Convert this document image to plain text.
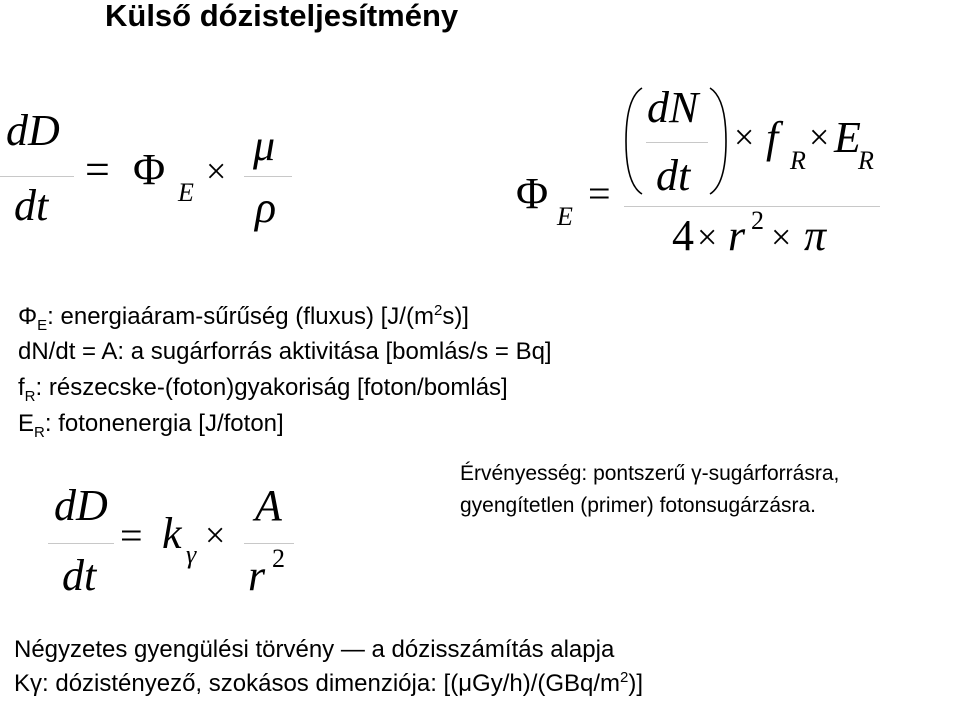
Külső dózisteljesítmény
dD
dt
= Φ E
×
μ
ρ	Φ E
=
dN
dt
× f R
× E
R
4 × r 2 × π
$\Phi_E$: energiaáram-sűrűség (fluxus) $[J/(m^2s)]$
dN/dt = A: a sugárforrás aktivitása [bomlás/s = Bq]
$f_R$: részecske-(foton)gyakoriság [foton/bomlás]
$E_R$: fotonenergia [J/foton]
dD
dt
= k γ ×
A
r 2
Érvényesség: pontszerű γ-sugárforrásra,
gyengítetlen (primer) fotonsugárzásra.
Négyzetes gyengülési törvény — a dózisszámítás alapja
Kγ: dózistényező, szokásos dimenziója: $[(\mu Gy/h)/(GBq/m^2)]$
